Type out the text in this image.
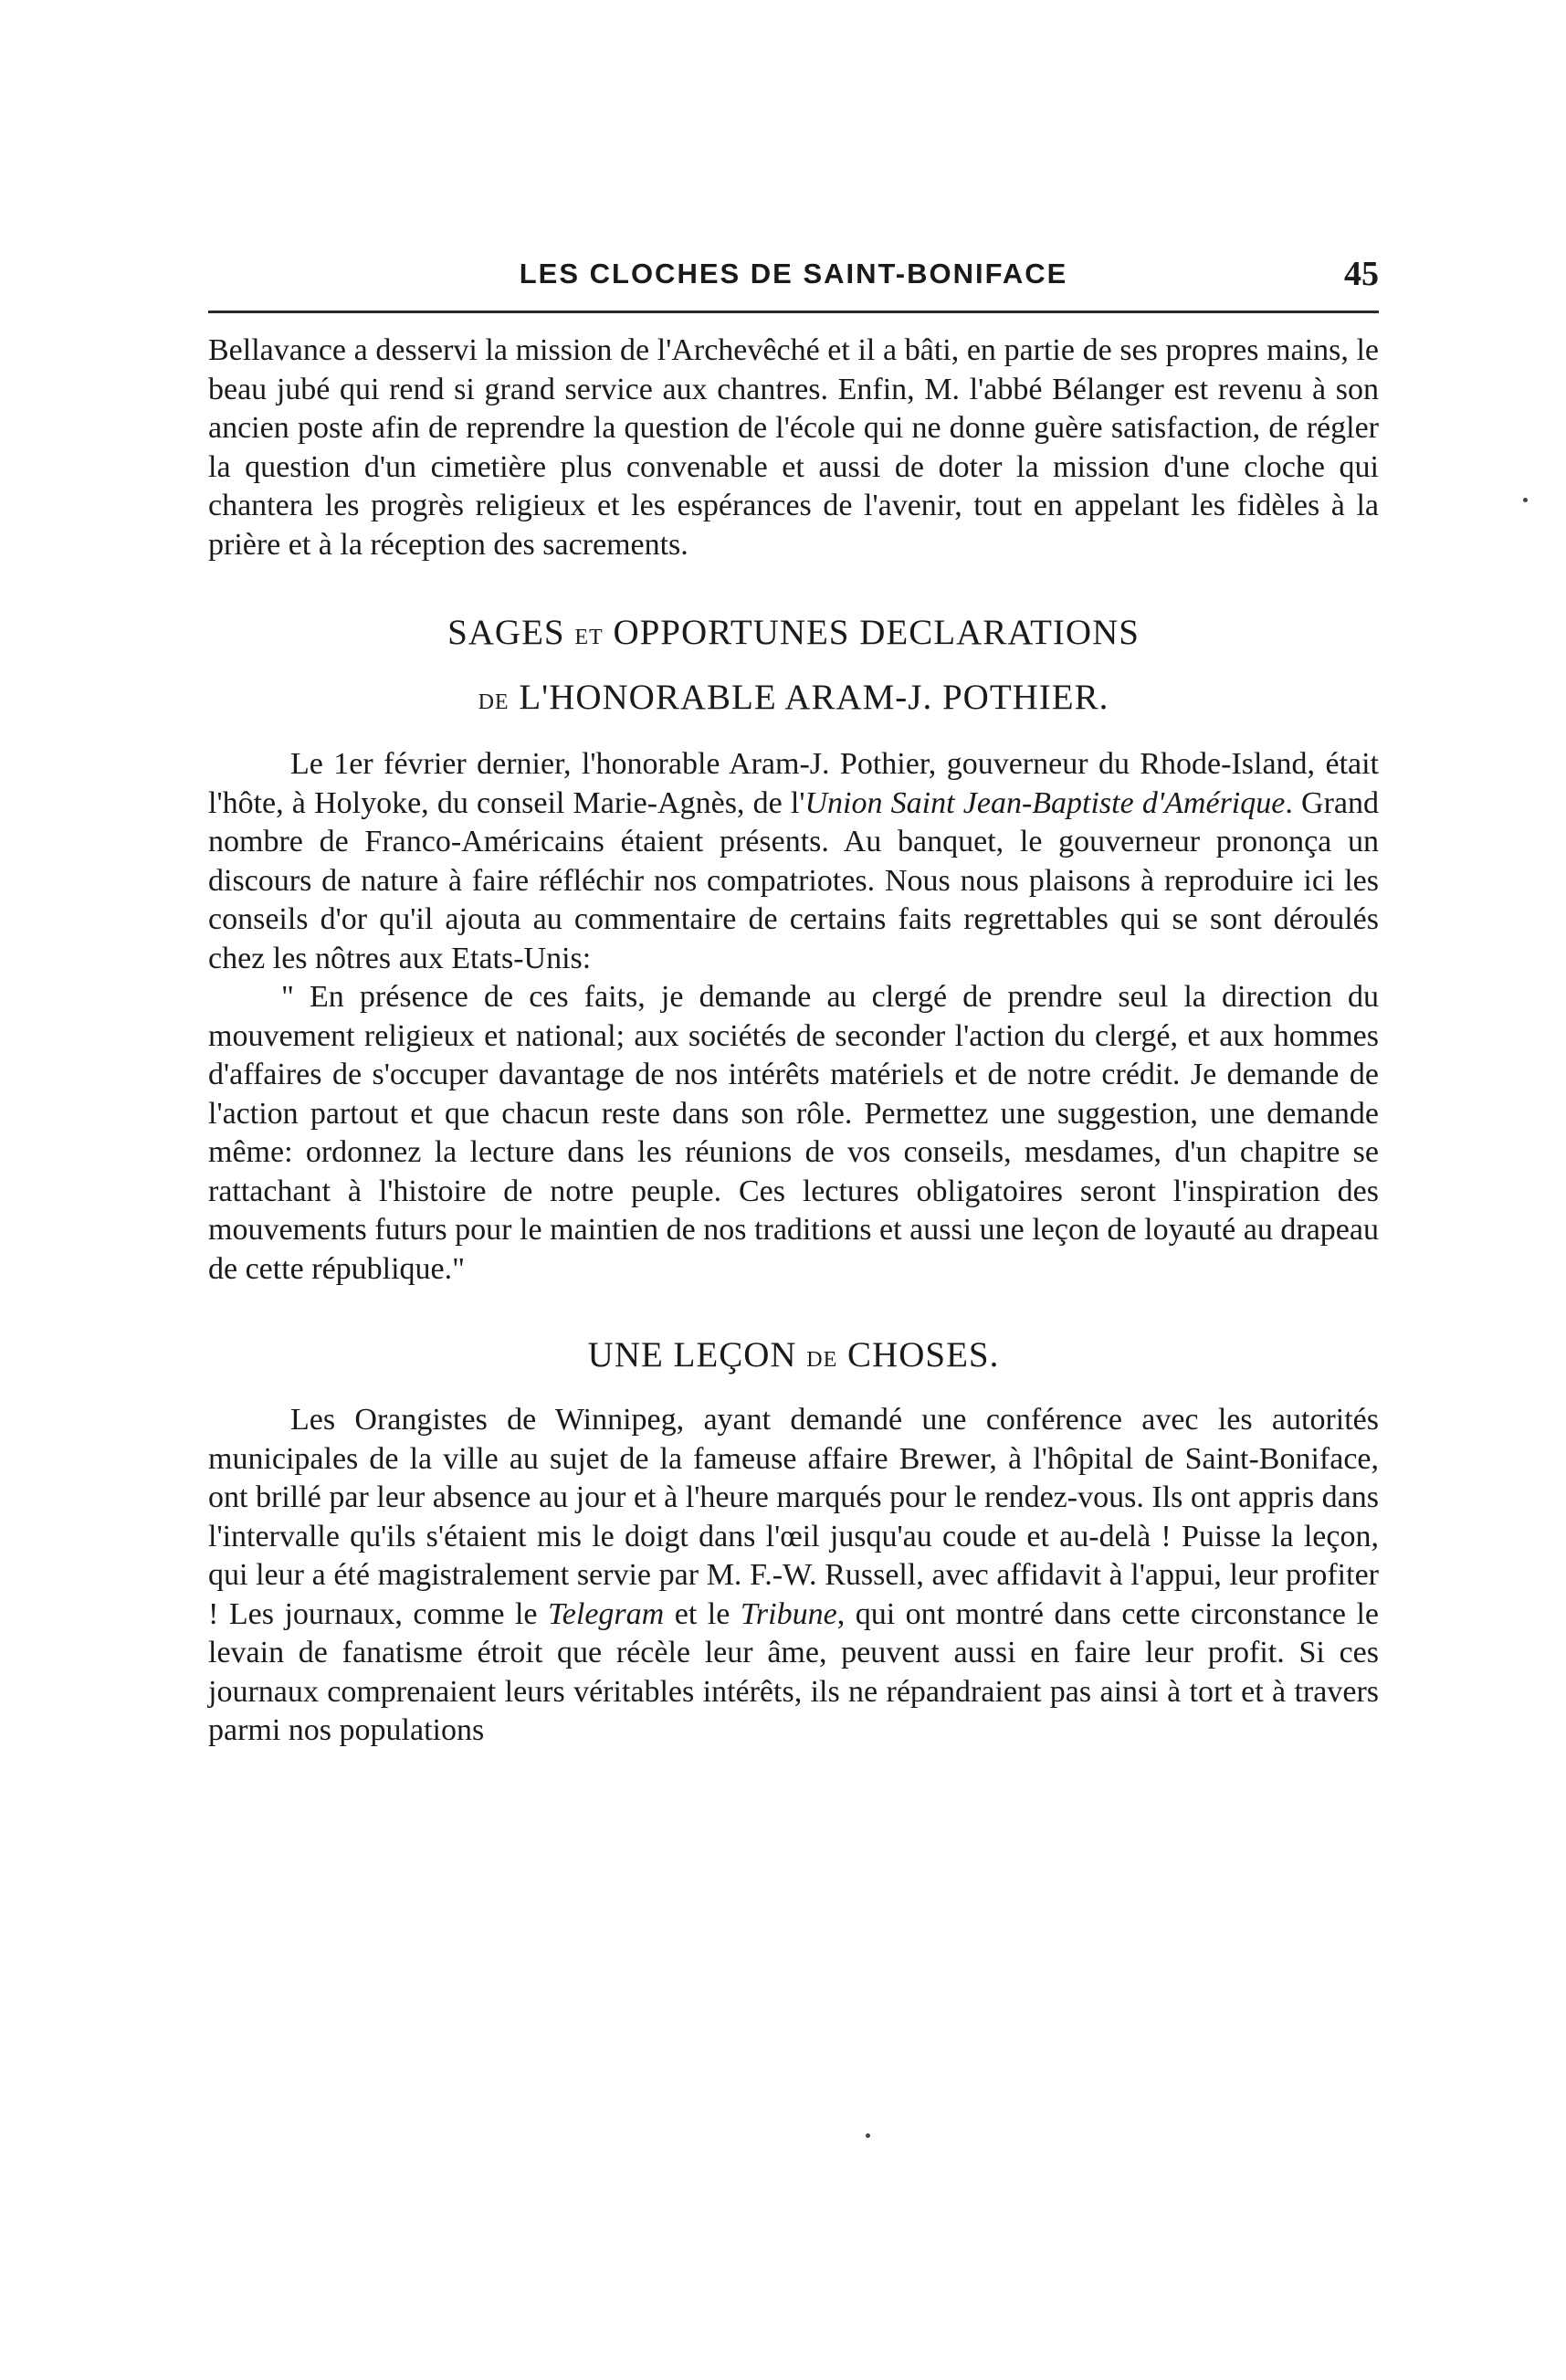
LES CLOCHES DE SAINT-BONIFACE	45

Bellavance a desservi la mission de l'Archevêché et il a bâti, en partie de ses propres mains, le beau jubé qui rend si grand service aux chantres. Enfin, M. l'abbé Bélanger est revenu à son ancien poste afin de reprendre la question de l'école qui ne donne guère satisfaction, de régler la question d'un cimetière plus convenable et aussi de doter la mission d'une cloche qui chantera les progrès religieux et les espérances de l'avenir, tout en appelant les fidèles à la prière et à la réception des sacrements.

SAGES ET OPPORTUNES DECLARATIONS
DE L'HONORABLE ARAM-J. POTHIER.

Le 1er février dernier, l'honorable Aram-J. Pothier, gouverneur du Rhode-Island, était l'hôte, à Holyoke, du conseil Marie-Agnès, de l'Union Saint Jean-Baptiste d'Amérique. Grand nombre de Franco-Américains étaient présents. Au banquet, le gouverneur prononça un discours de nature à faire réfléchir nos compatriotes. Nous nous plaisons à reproduire ici les conseils d'or qu'il ajouta au commentaire de certains faits regrettables qui se sont déroulés chez les nôtres aux Etats-Unis:

" En présence de ces faits, je demande au clergé de prendre seul la direction du mouvement religieux et national; aux sociétés de seconder l'action du clergé, et aux hommes d'affaires de s'occuper davantage de nos intérêts matériels et de notre crédit. Je demande de l'action partout et que chacun reste dans son rôle. Permettez une suggestion, une demande même: ordonnez la lecture dans les réunions de vos conseils, mesdames, d'un chapitre se rattachant à l'histoire de notre peuple. Ces lectures obligatoires seront l'inspiration des mouvements futurs pour le maintien de nos traditions et aussi une leçon de loyauté au drapeau de cette république."

UNE LEÇON DE CHOSES.

Les Orangistes de Winnipeg, ayant demandé une conférence avec les autorités municipales de la ville au sujet de la fameuse affaire Brewer, à l'hôpital de Saint-Boniface, ont brillé par leur absence au jour et à l'heure marqués pour le rendez-vous. Ils ont appris dans l'intervalle qu'ils s'étaient mis le doigt dans l'œil jusqu'au coude et au-delà ! Puisse la leçon, qui leur a été magistralement servie par M. F.-W. Russell, avec affidavit à l'appui, leur profiter ! Les journaux, comme le Telegram et le Tribune, qui ont montré dans cette circonstance le levain de fanatisme étroit que récèle leur âme, peuvent aussi en faire leur profit. Si ces journaux comprenaient leurs véritables intérêts, ils ne répandraient pas ainsi à tort et à travers parmi nos populations
